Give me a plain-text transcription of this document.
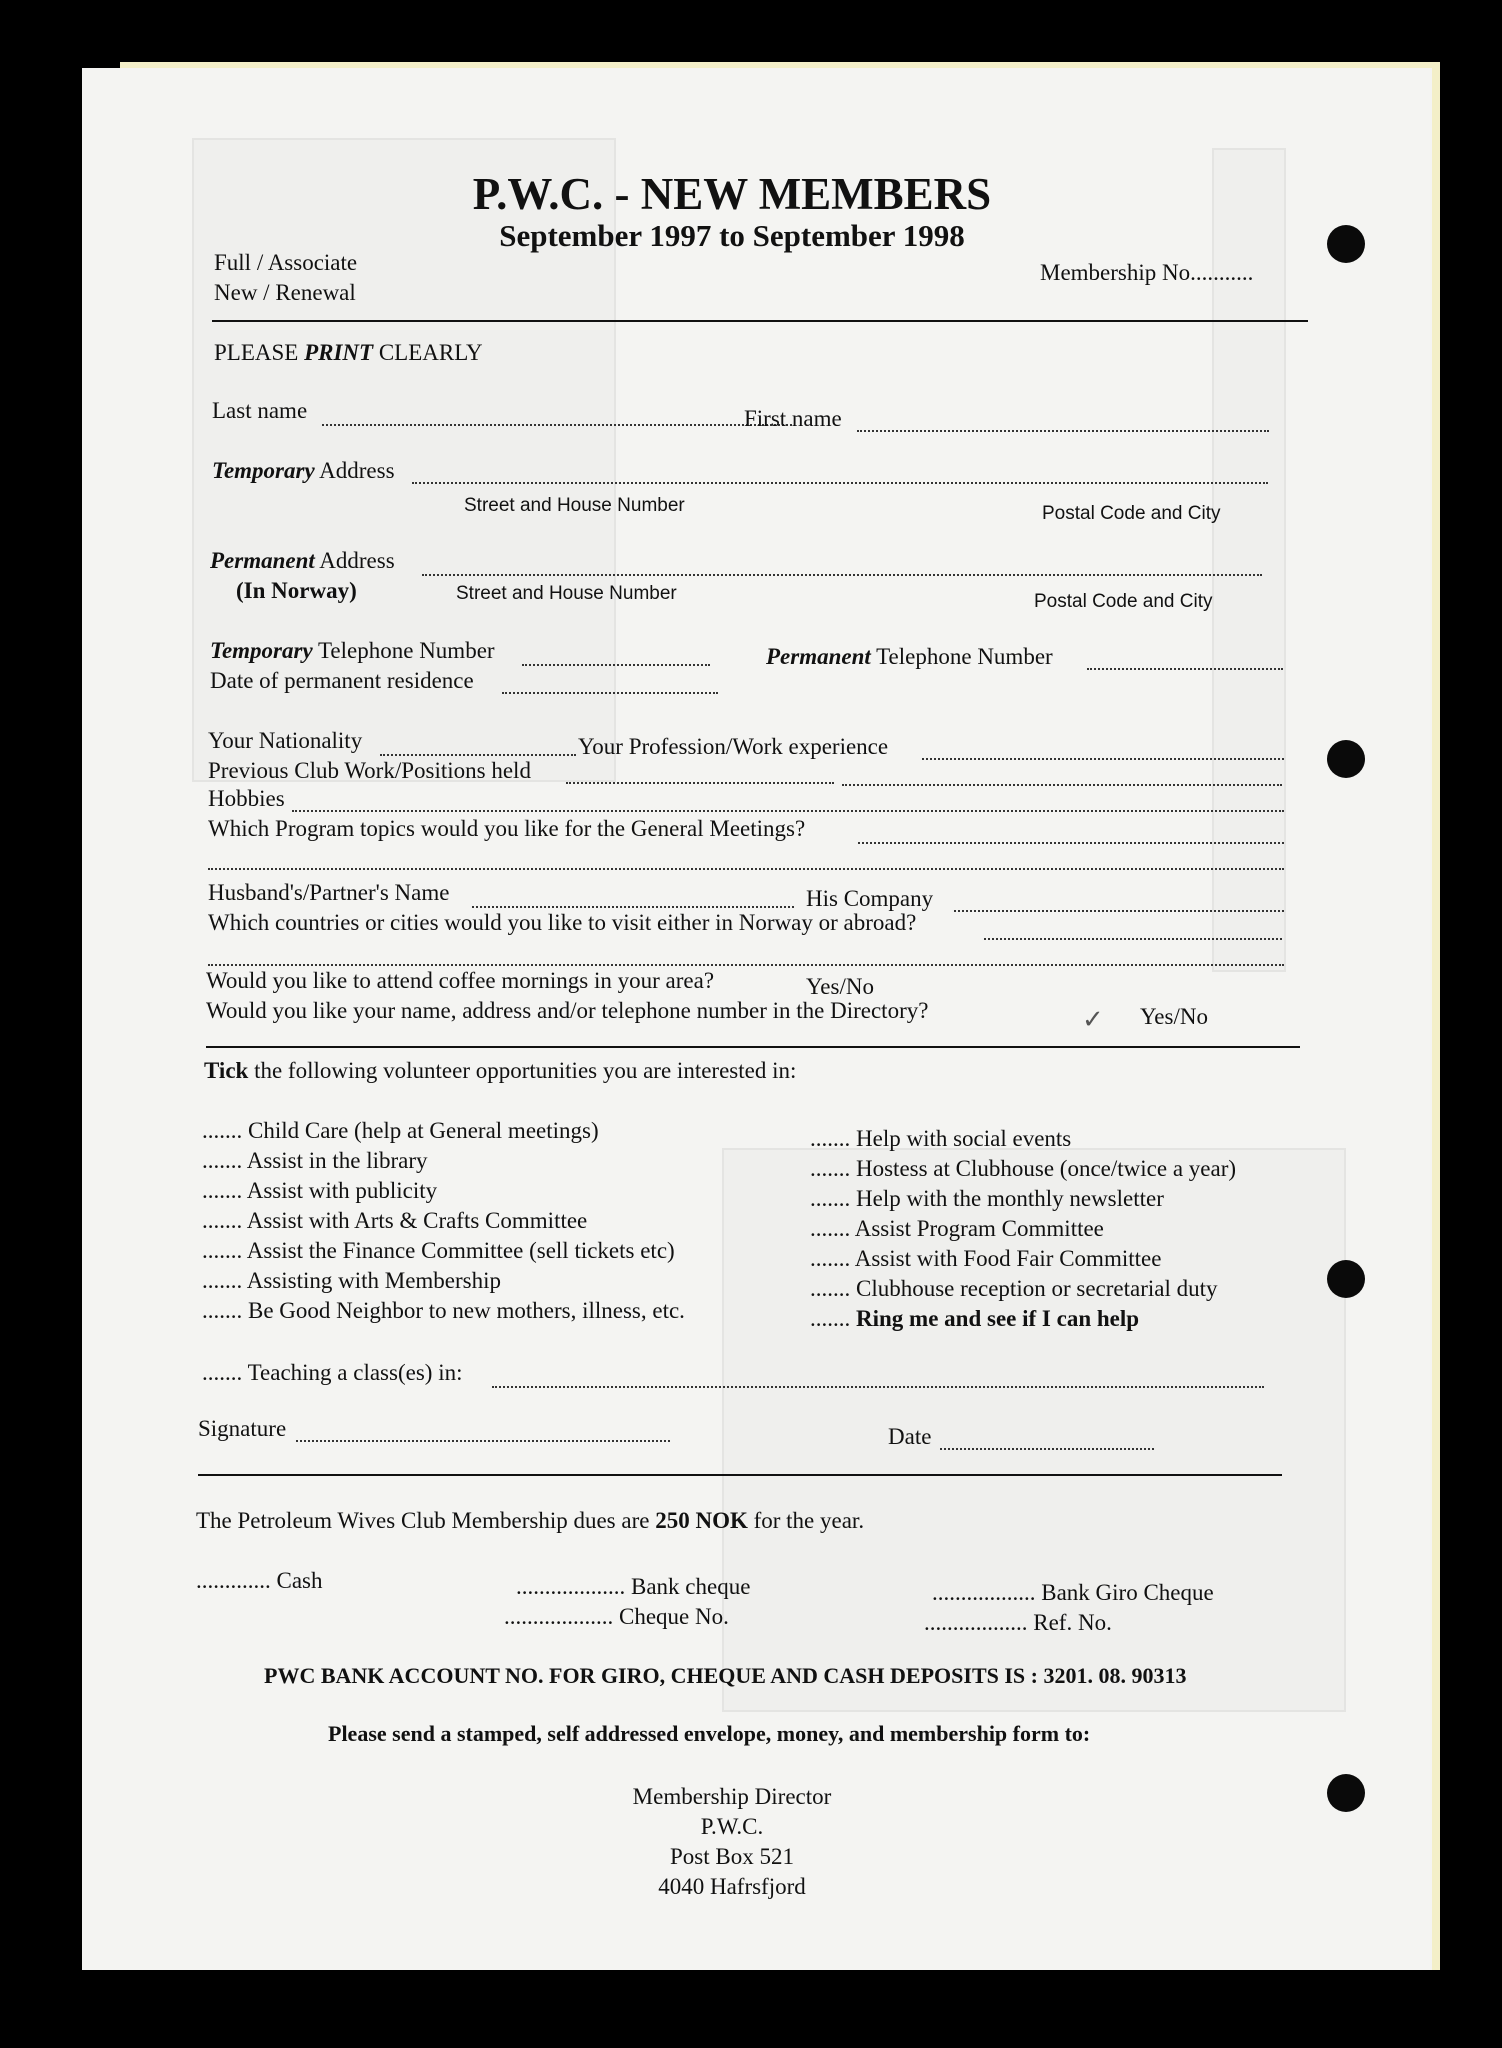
P.W.C. - NEW MEMBERS
September 1997 to September 1998
Full / Associate
New / Renewal
Membership No...........
PLEASE PRINT CLEARLY
Last name	First name
Temporary Address
Street and House Number	Postal Code and City
Permanent Address
(In Norway)	Street and House Number	Postal Code and City
Temporary Telephone Number	Permanent Telephone Number
Date of permanent residence
Your Nationality	Your Profession/Work experience
Previous Club Work/Positions held
Hobbies
Which Program topics would you like for the General Meetings?
Husband's/Partner's Name	His Company
Which countries or cities would you like to visit either in Norway or abroad?
Would you like to attend coffee mornings in your area?	Yes/No
Would you like your name, address and/or telephone number in the Directory?	✓ Yes/No
Tick the following volunteer opportunities you are interested in:
....... Child Care (help at General meetings)
....... Assist in the library
....... Assist with publicity
....... Assist with Arts & Crafts Committee
....... Assist the Finance Committee (sell tickets etc)
....... Assisting with Membership
....... Be Good Neighbor to new mothers, illness, etc.
....... Help with social events
....... Hostess at Clubhouse (once/twice a year)
....... Help with the monthly newsletter
....... Assist Program Committee
....... Assist with Food Fair Committee
....... Clubhouse reception or secretarial duty
....... Ring me and see if I can help
....... Teaching a class(es) in:
Signature	Date
The Petroleum Wives Club Membership dues are 250 NOK for the year.
............. Cash	................... Bank cheque
................... Cheque No.
.................. Bank Giro Cheque
.................. Ref. No.
PWC BANK ACCOUNT NO. FOR GIRO, CHEQUE AND CASH DEPOSITS IS : 3201. 08. 90313
Please send a stamped, self addressed envelope, money, and membership form to:
Membership Director
P.W.C.
Post Box 521
4040 Hafrsfjord
